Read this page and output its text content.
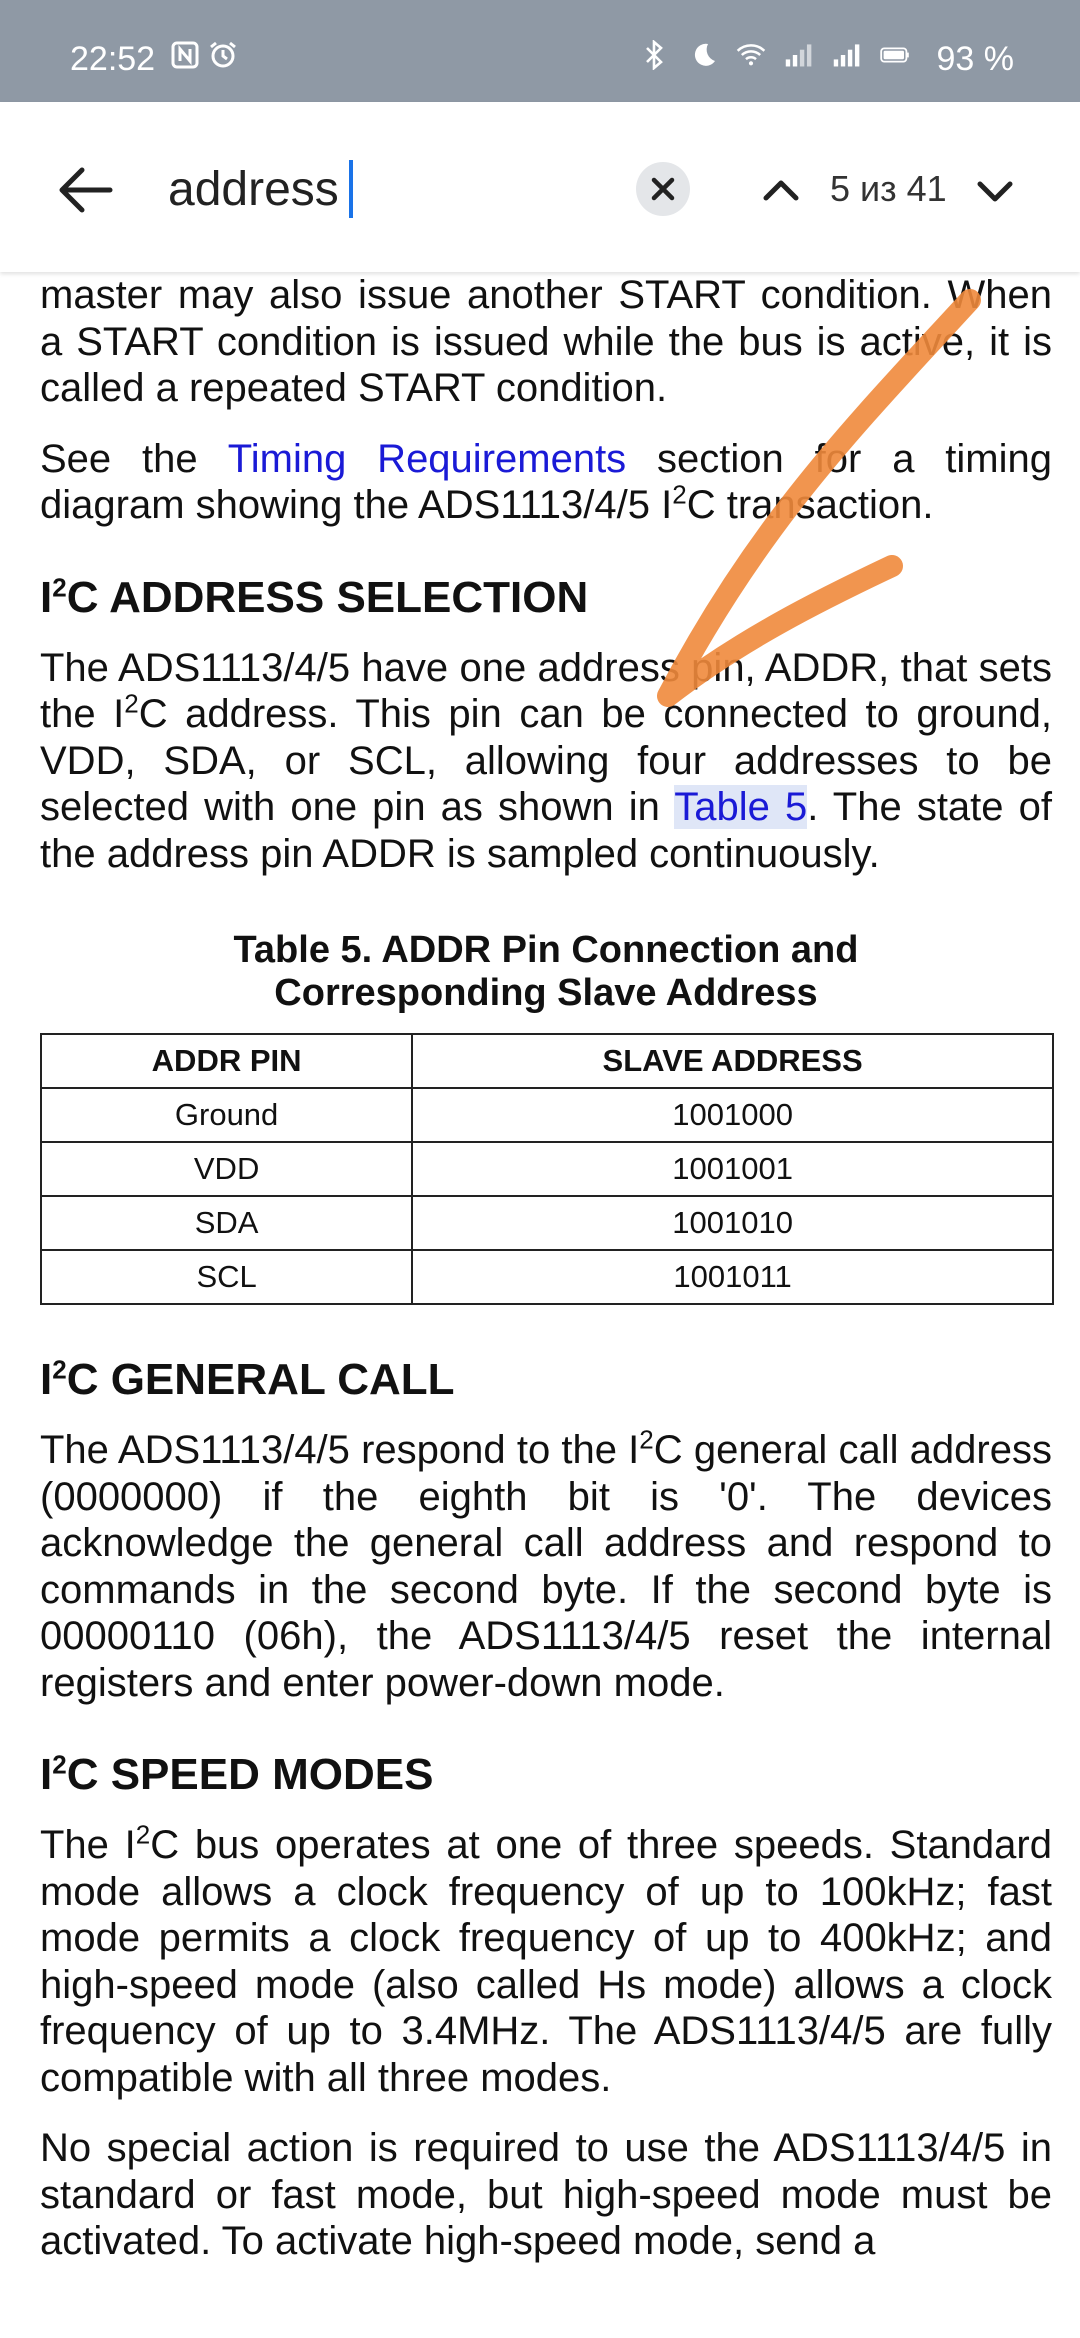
22:52	93 %
address	5 из 41

master may also issue another START condition. When a START condition is issued while the bus is active, it is called a repeated START condition.

See the Timing Requirements section for a timing diagram showing the ADS1113/4/5 $I^2C$ transaction.

$I^2C$ ADDRESS SELECTION

The ADS1113/4/5 have one address pin, ADDR, that sets the $I^2C$ address. This pin can be connected to ground, VDD, SDA, or SCL, allowing four addresses to be selected with one pin as shown in Table 5. The state of the address pin ADDR is sampled continuously.

Table 5. ADDR Pin Connection and
Corresponding Slave Address

ADDR PIN	SLAVE ADDRESS
Ground	1001000
VDD	1001001
SDA	1001010
SCL	1001011

$I^2C$ GENERAL CALL

The ADS1113/4/5 respond to the $I^2C$ general call address (0000000) if the eighth bit is '0'. The devices acknowledge the general call address and respond to commands in the second byte. If the second byte is 00000110 (06h), the ADS1113/4/5 reset the internal registers and enter power-down mode.

$I^2C$ SPEED MODES

The $I^2C$ bus operates at one of three speeds. Standard mode allows a clock frequency of up to 100kHz; fast mode permits a clock frequency of up to 400kHz; and high-speed mode (also called Hs mode) allows a clock frequency of up to 3.4MHz. The ADS1113/4/5 are fully compatible with all three modes.

No special action is required to use the ADS1113/4/5 in standard or fast mode, but high-speed mode must be activated. To activate high-speed mode, send a
